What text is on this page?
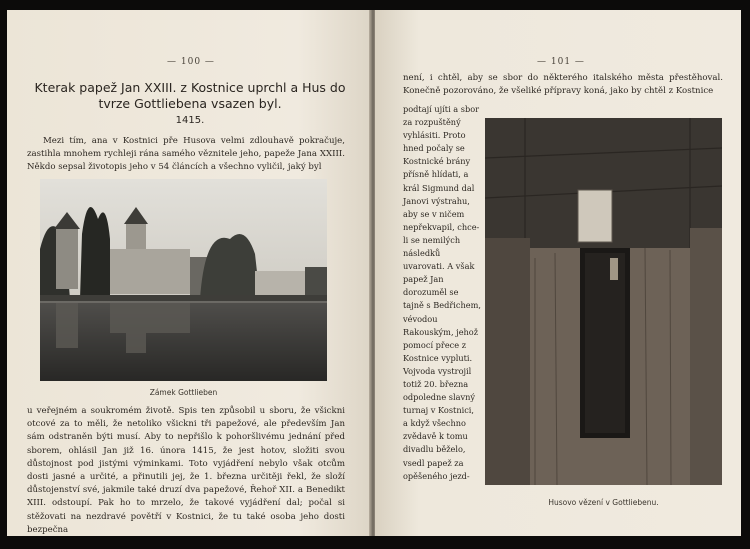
— 100 —
Kterak papež Jan XXIII. z Kostnice uprchl a Hus do tvrze Gottliebena vsazen byl.
1415.

Mezi tím, ana v Kostnici pře Husova velmi zdlouhavě pokračuje, zastihla mnohem rychleji rána samého věznitele jeho, papeže Jana XXIII. Někdo sepsal životopis jeho v 54 článcích a všechno vyličil, jaký byl

Zámek Gottlieben

u veřejném a soukromém životě. Spis ten způsobil u sboru, že všickni otcové za to měli, že netoliko všickni tři papežové, ale především Jan sám odstraněn býti musí. Aby to nepřišlo k pohoršlivému jednání před sborem, ohlásil Jan již 16. února 1415, že jest hotov, složiti svou důstojnost pod jistými výminkami. Toto vyjádření nebylo však otcům dosti jasné a určité, a přinutili jej, že 1. března určitěji řekl, že složí důstojenství své, jakmile také druzí dva papežové, Řehoř XII. a Benedikt XIII. odstoupí. Pak ho to mrzelo, že takové vyjádření dal; počal si stěžovati na nezdravé povětří v Kostnici, že tu také osoba jeho dosti bezpečna

— 101 —

není, i chtěl, aby se sbor do některého italského města přestěhoval. Konečně pozorováno, že všeliké přípravy koná, jako by chtěl z Kostnice

podtají ujíti a sbor za rozpuštěný vyhlásiti. Proto hned počaly se Kostnické brány přísně hlídati, a král Sigmund dal Janovi výstrahu, aby se v ničem nepřekvapil, chce-li se nemilých následků uvarovati. A však papež Jan dorozuměl se tajně s Bedřichem, vévodou Rakouským, jehož pomocí přece z Kostnice vypluti. Vojvoda vystrojil totiž 20. března odpoledne slavný turnaj v Kostnici, a když všechno zvědavě k tomu divadlu běželo, vsedl papež za opěšeného jezd-

Husovo vězení v Gottliebenu.
